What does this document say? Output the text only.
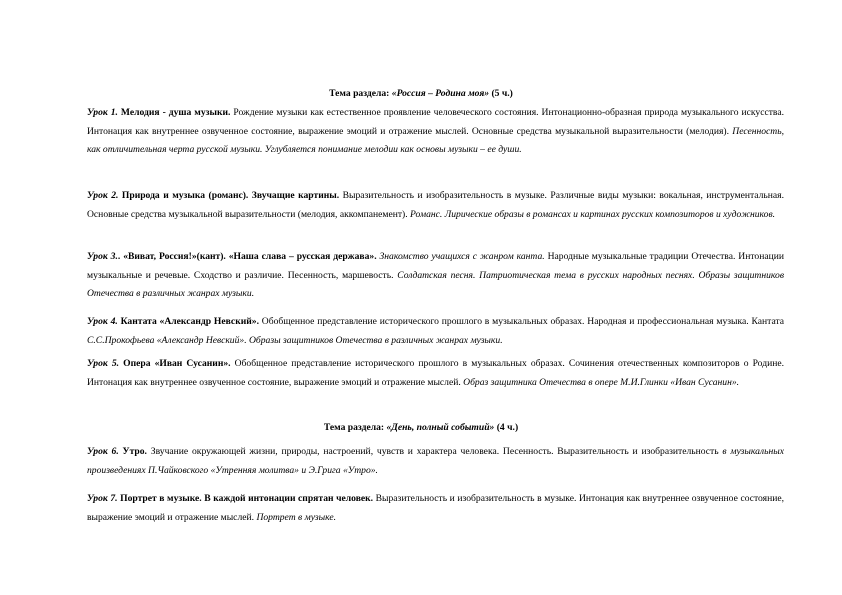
Тема раздела: «Россия – Родина моя» (5 ч.)

Урок 1. Мелодия - душа музыки. Рождение музыки как естественное проявление человеческого состояния. Интонационно-образная природа музыкального искусства. Интонация как внутреннее озвученное состояние, выражение эмоций и отражение мыслей. Основные средства музыкальной выразительности (мелодия). Песенность, как отличительная черта русской музыки. Углубляется понимание мелодии как основы музыки – ее души.

Урок 2. Природа и музыка (романс). Звучащие картины. Выразительность и изобразительность в музыке. Различные виды музыки: вокальная, инструментальная. Основные средства музыкальной выразительности (мелодия, аккомпанемент). Романс. Лирические образы в романсах и картинах русских композиторов и художников.

Урок 3.. «Виват, Россия!»(кант). «Наша слава – русская держава». Знакомство учащихся с жанром канта. Народные музыкальные традиции Отечества. Интонации музыкальные и речевые. Сходство и различие. Песенность, маршевость. Солдатская песня. Патриотическая тема в русских народных песнях. Образы защитников Отечества в различных жанрах музыки.

Урок 4. Кантата «Александр Невский». Обобщенное представление исторического прошлого в музыкальных образах. Народная и профессиональная музыка. Кантата С.С.Прокофьева «Александр Невский». Образы защитников Отечества в различных жанрах музыки.

Урок 5. Опера «Иван Сусанин». Обобщенное представление исторического прошлого в музыкальных образах. Сочинения отечественных композиторов о Родине. Интонация как внутреннее озвученное состояние, выражение эмоций и отражение мыслей. Образ защитника Отечества в опере М.И.Глинки «Иван Сусанин».

Тема раздела: «День, полный событий» (4 ч.)

Урок 6. Утро. Звучание окружающей жизни, природы, настроений, чувств и характера человека. Песенность. Выразительность и изобразительность в музыкальных произведениях П.Чайковского «Утренняя молитва» и Э.Грига «Утро».

Урок 7. Портрет в музыке. В каждой интонации спрятан человек. Выразительность и изобразительность в музыке. Интонация как внутреннее озвученное состояние, выражение эмоций и отражение мыслей. Портрет в музыке.
